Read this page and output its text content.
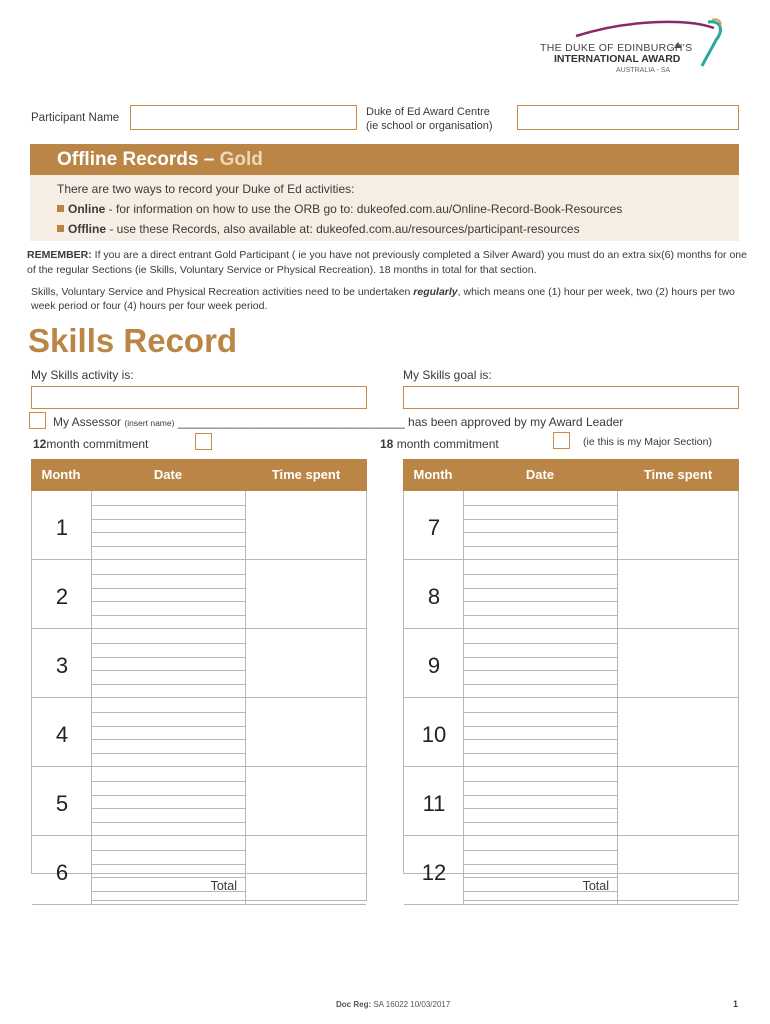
THE DUKE OF EDINBURGH'S
INTERNATIONAL AWARD
AUSTRALIA - SA
Participant Name	Duke of Ed Award Centre
(ie school or organisation)
Offline Records – Gold
There are two ways to record your Duke of Ed activities:
Online - for information on how to use the ORB go to: dukeofed.com.au/Online-Record-Book-Resources
Offline - use these Records, also available at: dukeofed.com.au/resources/participant-resources
REMEMBER: If you are a direct entrant Gold Participant ( ie you have not previously completed a Silver Award) you must do an extra six(6) months for one of the regular Sections (ie Skills, Voluntary Service or Physical Recreation). 18 months in total for that section.
Skills, Voluntary Service and Physical Recreation activities need to be undertaken regularly, which means one (1) hour per week, two (2) hours per two week period or four (4) hours per four week period.
Skills Record
My Skills activity is:	My Skills goal is:
My Assessor (insert name) __________________________________ has been approved by my Award Leader
12month commitment	18 month commitment	(ie this is my Major Section)
Month	Date	Time spent
1
2
3
4
5
6
Total
Month	Date	Time spent
7
8
9
10
11
12
Total
Doc Reg: SA 16022 10/03/2017	1
